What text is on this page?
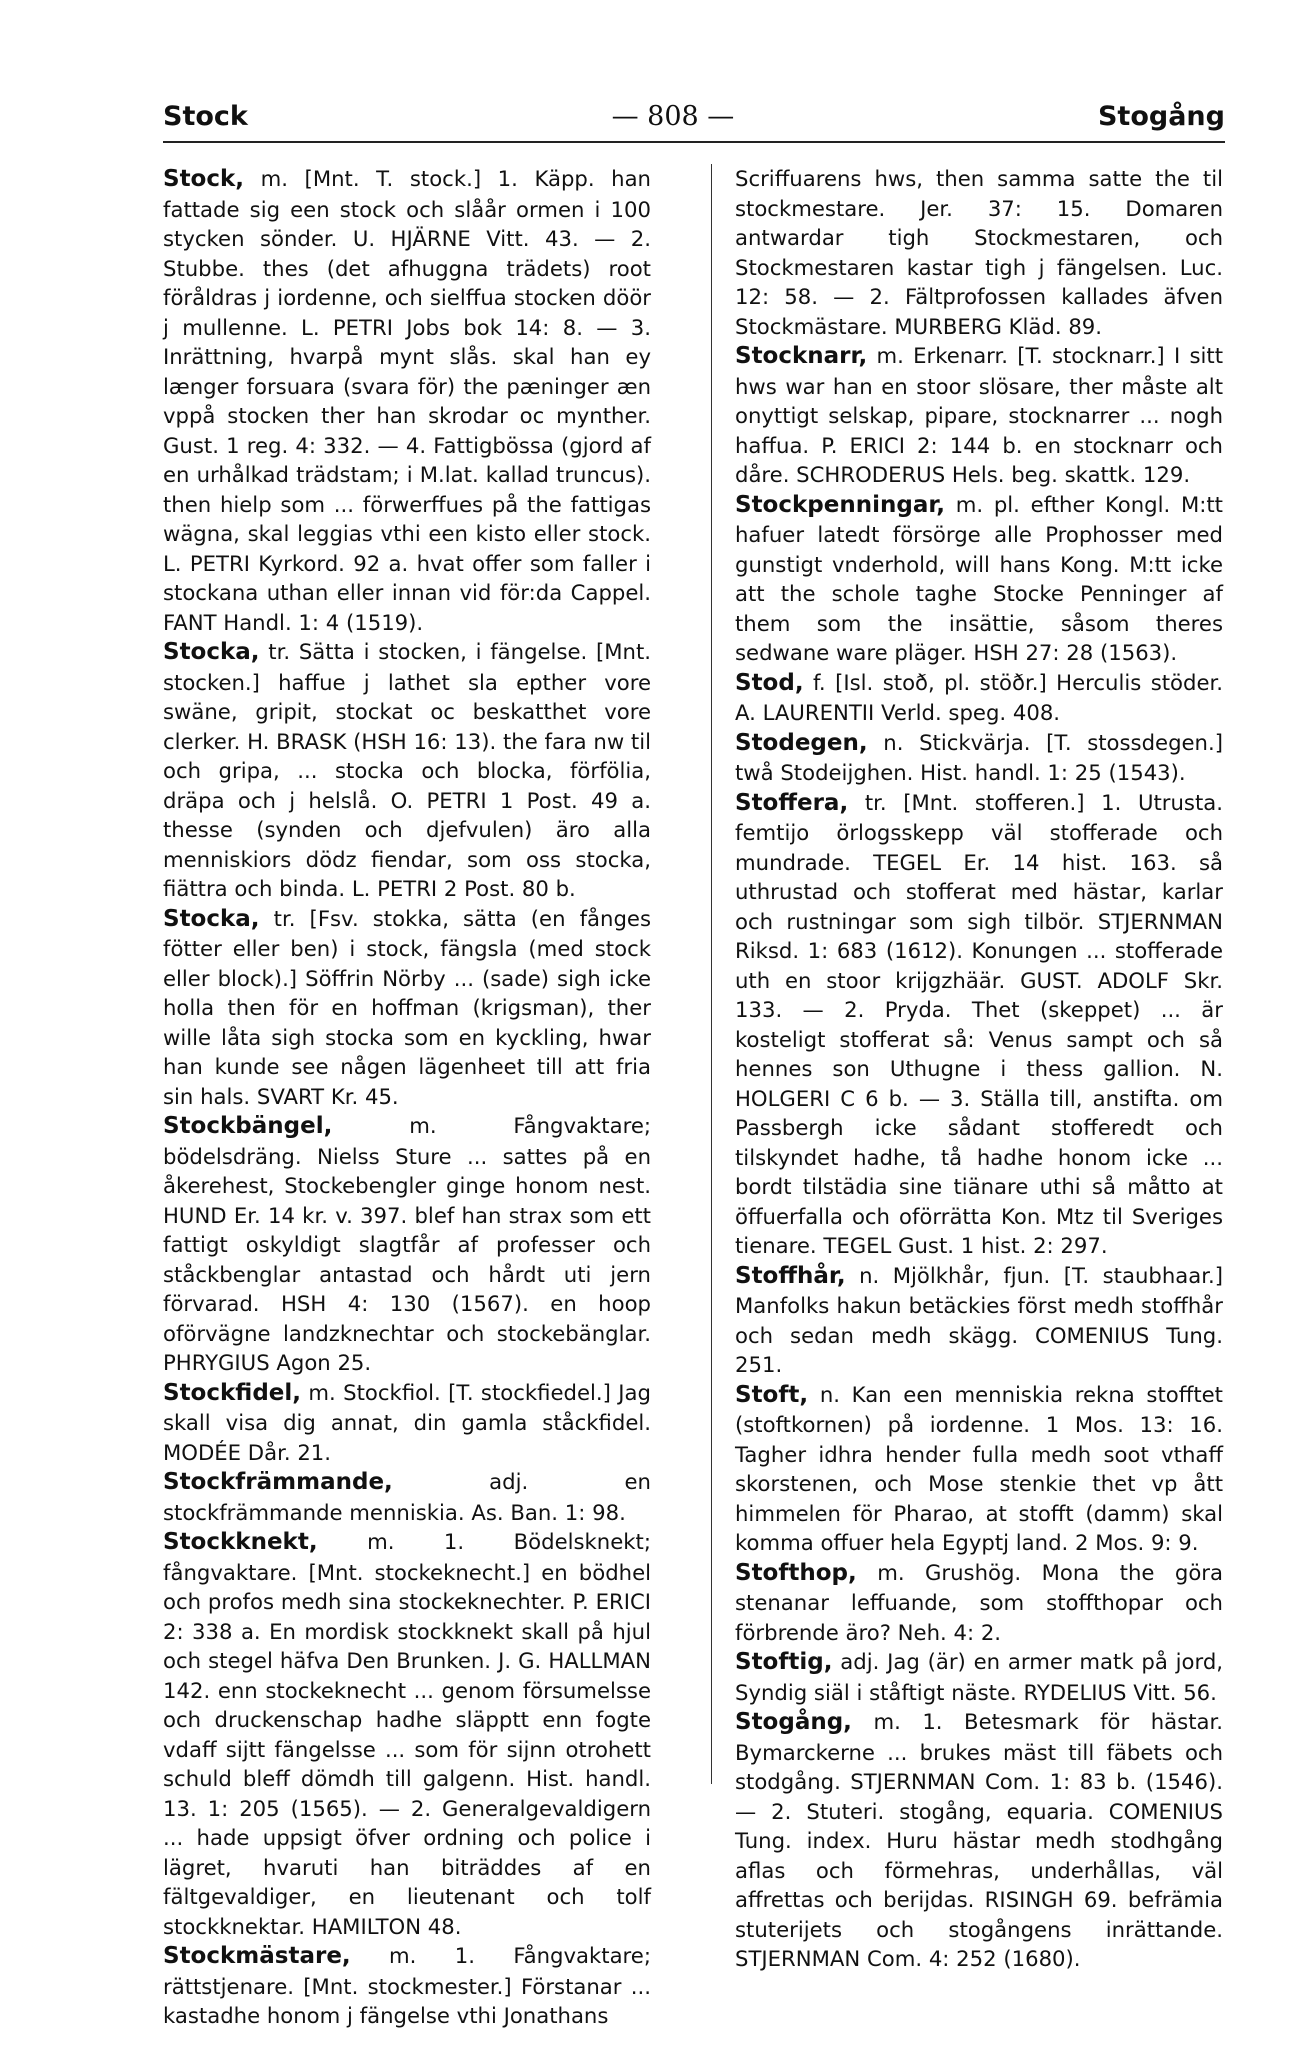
Stock	— 808 —	Stogång

Stock, m. [Mnt. T. stock.] 1. Käpp. han fattade sig een stock och slåår ormen i 100 stycken sönder. U. HJÄRNE Vitt. 43. — 2. Stubbe. thes (det afhuggna trädets) root föråldras j iordenne, och sielffua stocken döör j mullenne. L. PETRI Jobs bok 14: 8. — 3. Inrättning, hvarpå mynt slås. skal han ey længer forsuara (svara för) the pæninger æn vppå stocken ther han skrodar oc mynther. Gust. 1 reg. 4: 332. — 4. Fattigbössa (gjord af en urhålkad trädstam; i M.lat. kallad truncus). then hielp som ... förwerffues på the fattigas wägna, skal leggias vthi een kisto eller stock. L. PETRI Kyrkord. 92 a. hvat offer som faller i stockana uthan eller innan vid för:da Cappel. FANT Handl. 1: 4 (1519).

Stocka, tr. Sätta i stocken, i fängelse. [Mnt. stocken.] haffue j lathet sla epther vore swäne, gripit, stockat oc beskatthet vore clerker. H. BRASK (HSH 16: 13). the fara nw til och gripa, ... stocka och blocka, förfölia, dräpa och j helslå. O. PETRI 1 Post. 49 a. thesse (synden och djefvulen) äro alla menniskiors dödz fiendar, som oss stocka, fiättra och binda. L. PETRI 2 Post. 80 b.

Stocka, tr. [Fsv. stokka, sätta (en fånges fötter eller ben) i stock, fängsla (med stock eller block).] Söffrin Nörby ... (sade) sigh icke holla then för en hoffman (krigsman), ther wille låta sigh stocka som en kyckling, hwar han kunde see någen lägenheet till att fria sin hals. SVART Kr. 45.

Stockbängel,	m. Fångvaktare; bödelsdräng. Nielss Sture ... sattes på en åkerehest, Stockebengler ginge honom nest. HUND Er. 14 kr. v. 397. blef han strax som ett fattigt oskyldigt slagtfår af professer och ståckbenglar antastad och hårdt uti jern förvarad. HSH 4: 130 (1567). en hoop oförvägne landzknechtar och stockebänglar. PHRYGIUS Agon 25.

Stockfidel, m. Stockfiol. [T. stockfiedel.] Jag skall visa dig annat, din gamla ståckfidel. MODÉE Dår. 21.

Stockfrämmande,	adj. en stockfrämmande menniskia. As. Ban. 1: 98.

Stockknekt, m. 1. Bödelsknekt; fångvaktare. [Mnt. stockeknecht.] en bödhel och profos medh sina stockeknechter. P. ERICI 2: 338 a. En mordisk stockknekt skall på hjul och stegel häfva Den Brunken. J. G. HALLMAN 142. enn stockeknecht ... genom försumelsse och druckenschap hadhe släpptt enn fogte vdaff sijtt fängelsse ... som för sijnn otrohett schuld bleff dömdh till galgenn. Hist. handl. 13. 1: 205 (1565). — 2. Generalgevaldigern ... hade uppsigt öfver ordning och police i lägret, hvaruti han biträddes af en fältgevaldiger, en lieutenant och tolf stockknektar. HAMILTON 48.

Stockmästare, m. 1. Fångvaktare; rättstjenare. [Mnt. stockmester.] Förstanar ... kastadhe honom j fängelse vthi Jonathans

Scriffuarens hws, then samma satte the til stockmestare. Jer. 37: 15. Domaren antwardar tigh Stockmestaren, och Stockmestaren kastar tigh j fängelsen. Luc. 12: 58. — 2. Fältprofossen kallades äfven Stockmästare. MURBERG Kläd. 89.

Stocknarr, m. Erkenarr. [T. stocknarr.] I sitt hws war han en stoor slösare, ther måste alt onyttigt selskap, pipare, stocknarrer ... nogh haffua. P. ERICI 2: 144 b. en stocknarr och dåre. SCHRODERUS Hels. beg. skattk. 129.

Stockpenningar, m. pl. efther Kongl. M:tt hafuer latedt försörge alle Prophosser med gunstigt vnderhold, will hans Kong. M:tt icke att the schole taghe Stocke Penninger af them som the insättie, såsom theres sedwane ware pläger. HSH 27: 28 (1563).

Stod, f. [Isl. stoð, pl. stöðr.] Herculis stöder. A. LAURENTII Verld. speg. 408.

Stodegen, n. Stickvärja. [T. stossdegen.] twå Stodeijghen. Hist. handl. 1: 25 (1543).

Stoffera, tr. [Mnt. stofferen.] 1. Utrusta. femtijo örlogsskepp väl stofferade och mundrade. TEGEL Er. 14 hist. 163. så uthrustad och stofferat med hästar, karlar och rustningar som sigh tilbör. STJERNMAN Riksd. 1: 683 (1612). Konungen ... stofferade uth en stoor krijgzhäär. GUST. ADOLF Skr. 133. — 2. Pryda. Thet (skeppet) ... är kosteligt stofferat så: Venus sampt och så hennes son Uthugne i thess gallion. N. HOLGERI C 6 b. — 3. Ställa till, anstifta. om Passbergh icke sådant stofferedt och tilskyndet hadhe, tå hadhe honom icke ... bordt tilstädia sine tiänare uthi så måtto at öffuerfalla och oförrätta Kon. Mtz til Sveriges tienare. TEGEL Gust. 1 hist. 2: 297.

Stoffhår, n. Mjölkhår, fjun. [T. staubhaar.] Manfolks hakun betäckies först medh stoffhår och sedan medh skägg. COMENIUS Tung. 251.

Stoft, n. Kan een menniskia rekna stofftet (stoftkornen) på iordenne. 1 Mos. 13: 16. Tagher idhra hender fulla medh soot vthaff skorstenen, och Mose stenkie thet vp ått himmelen för Pharao, at stofft (damm) skal komma offuer hela Egyptj land. 2 Mos. 9: 9.

Stofthop, m. Grushög. Mona the göra stenanar leffuande, som stoffthopar och förbrende äro? Neh. 4: 2.

Stoftig, adj. Jag (är) en armer matk på jord, Syndig siäl i ståftigt näste. RYDELIUS Vitt. 56.

Stogång, m. 1. Betesmark för hästar. Bymarckerne ... brukes mäst till fäbets och stodgång. STJERNMAN Com. 1: 83 b. (1546). — 2. Stuteri. stogång, equaria. COMENIUS Tung. index. Huru hästar medh stodhgång aflas och förmehras, underhållas, väl affrettas och berijdas. RISINGH 69. befrämia stuterijets och stogångens inrättande. STJERNMAN Com. 4: 252 (1680).
